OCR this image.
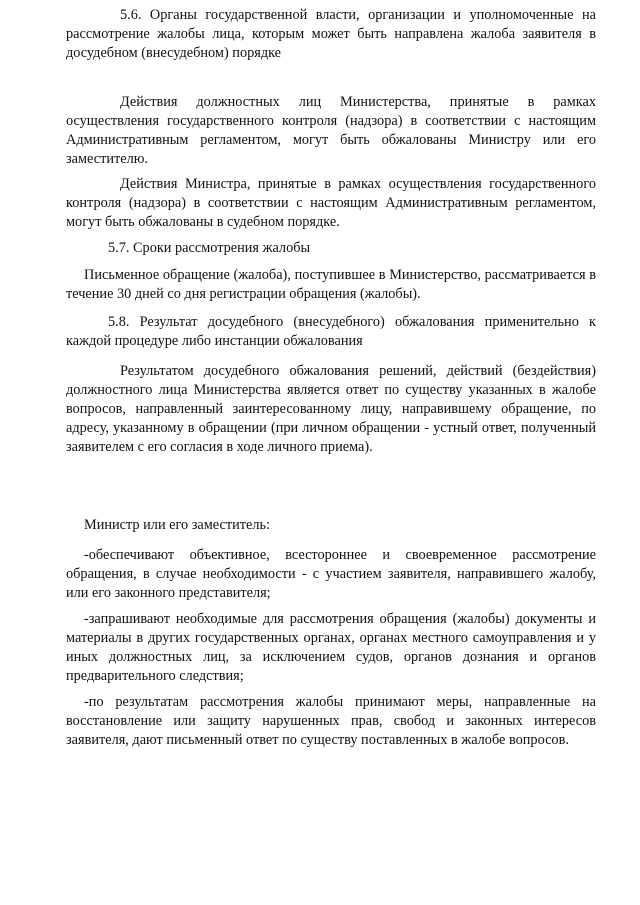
5.6. Органы государственной власти, организации и уполномоченные на рассмотрение жалобы лица, которым может быть направлена жалоба заявителя в досудебном (внесудебном) порядке

Действия должностных лиц Министерства, принятые в рамках осуществления государственного контроля (надзора) в соответствии с настоящим Административным регламентом, могут быть обжалованы Министру или его заместителю.

Действия Министра, принятые в рамках осуществления государственного контроля (надзора) в соответствии с настоящим Административным регламентом, могут быть обжалованы в судебном порядке.

5.7. Сроки рассмотрения жалобы

Письменное обращение (жалоба), поступившее в Министерство, рассматривается в течение 30 дней со дня регистрации обращения (жалобы).

5.8. Результат досудебного (внесудебного) обжалования применительно к каждой процедуре либо инстанции обжалования

Результатом досудебного обжалования решений, действий (бездействия) должностного лица Министерства является ответ по существу указанных в жалобе вопросов, направленный заинтересованному лицу, направившему обращение, по адресу, указанному в обращении (при личном обращении - устный ответ, полученный заявителем с его согласия в ходе личного приема).

Министр или его заместитель:

-обеспечивают объективное, всестороннее и своевременное рассмотрение обращения, в случае необходимости - с участием заявителя, направившего жалобу, или его законного представителя;

-запрашивают необходимые для рассмотрения обращения (жалобы) документы и материалы в других государственных органах, органах местного самоуправления и у иных должностных лиц, за исключением судов, органов дознания и органов предварительного следствия;

-по результатам рассмотрения жалобы принимают меры, направленные на восстановление или защиту нарушенных прав, свобод и законных интересов заявителя, дают письменный ответ по существу поставленных в жалобе вопросов.
